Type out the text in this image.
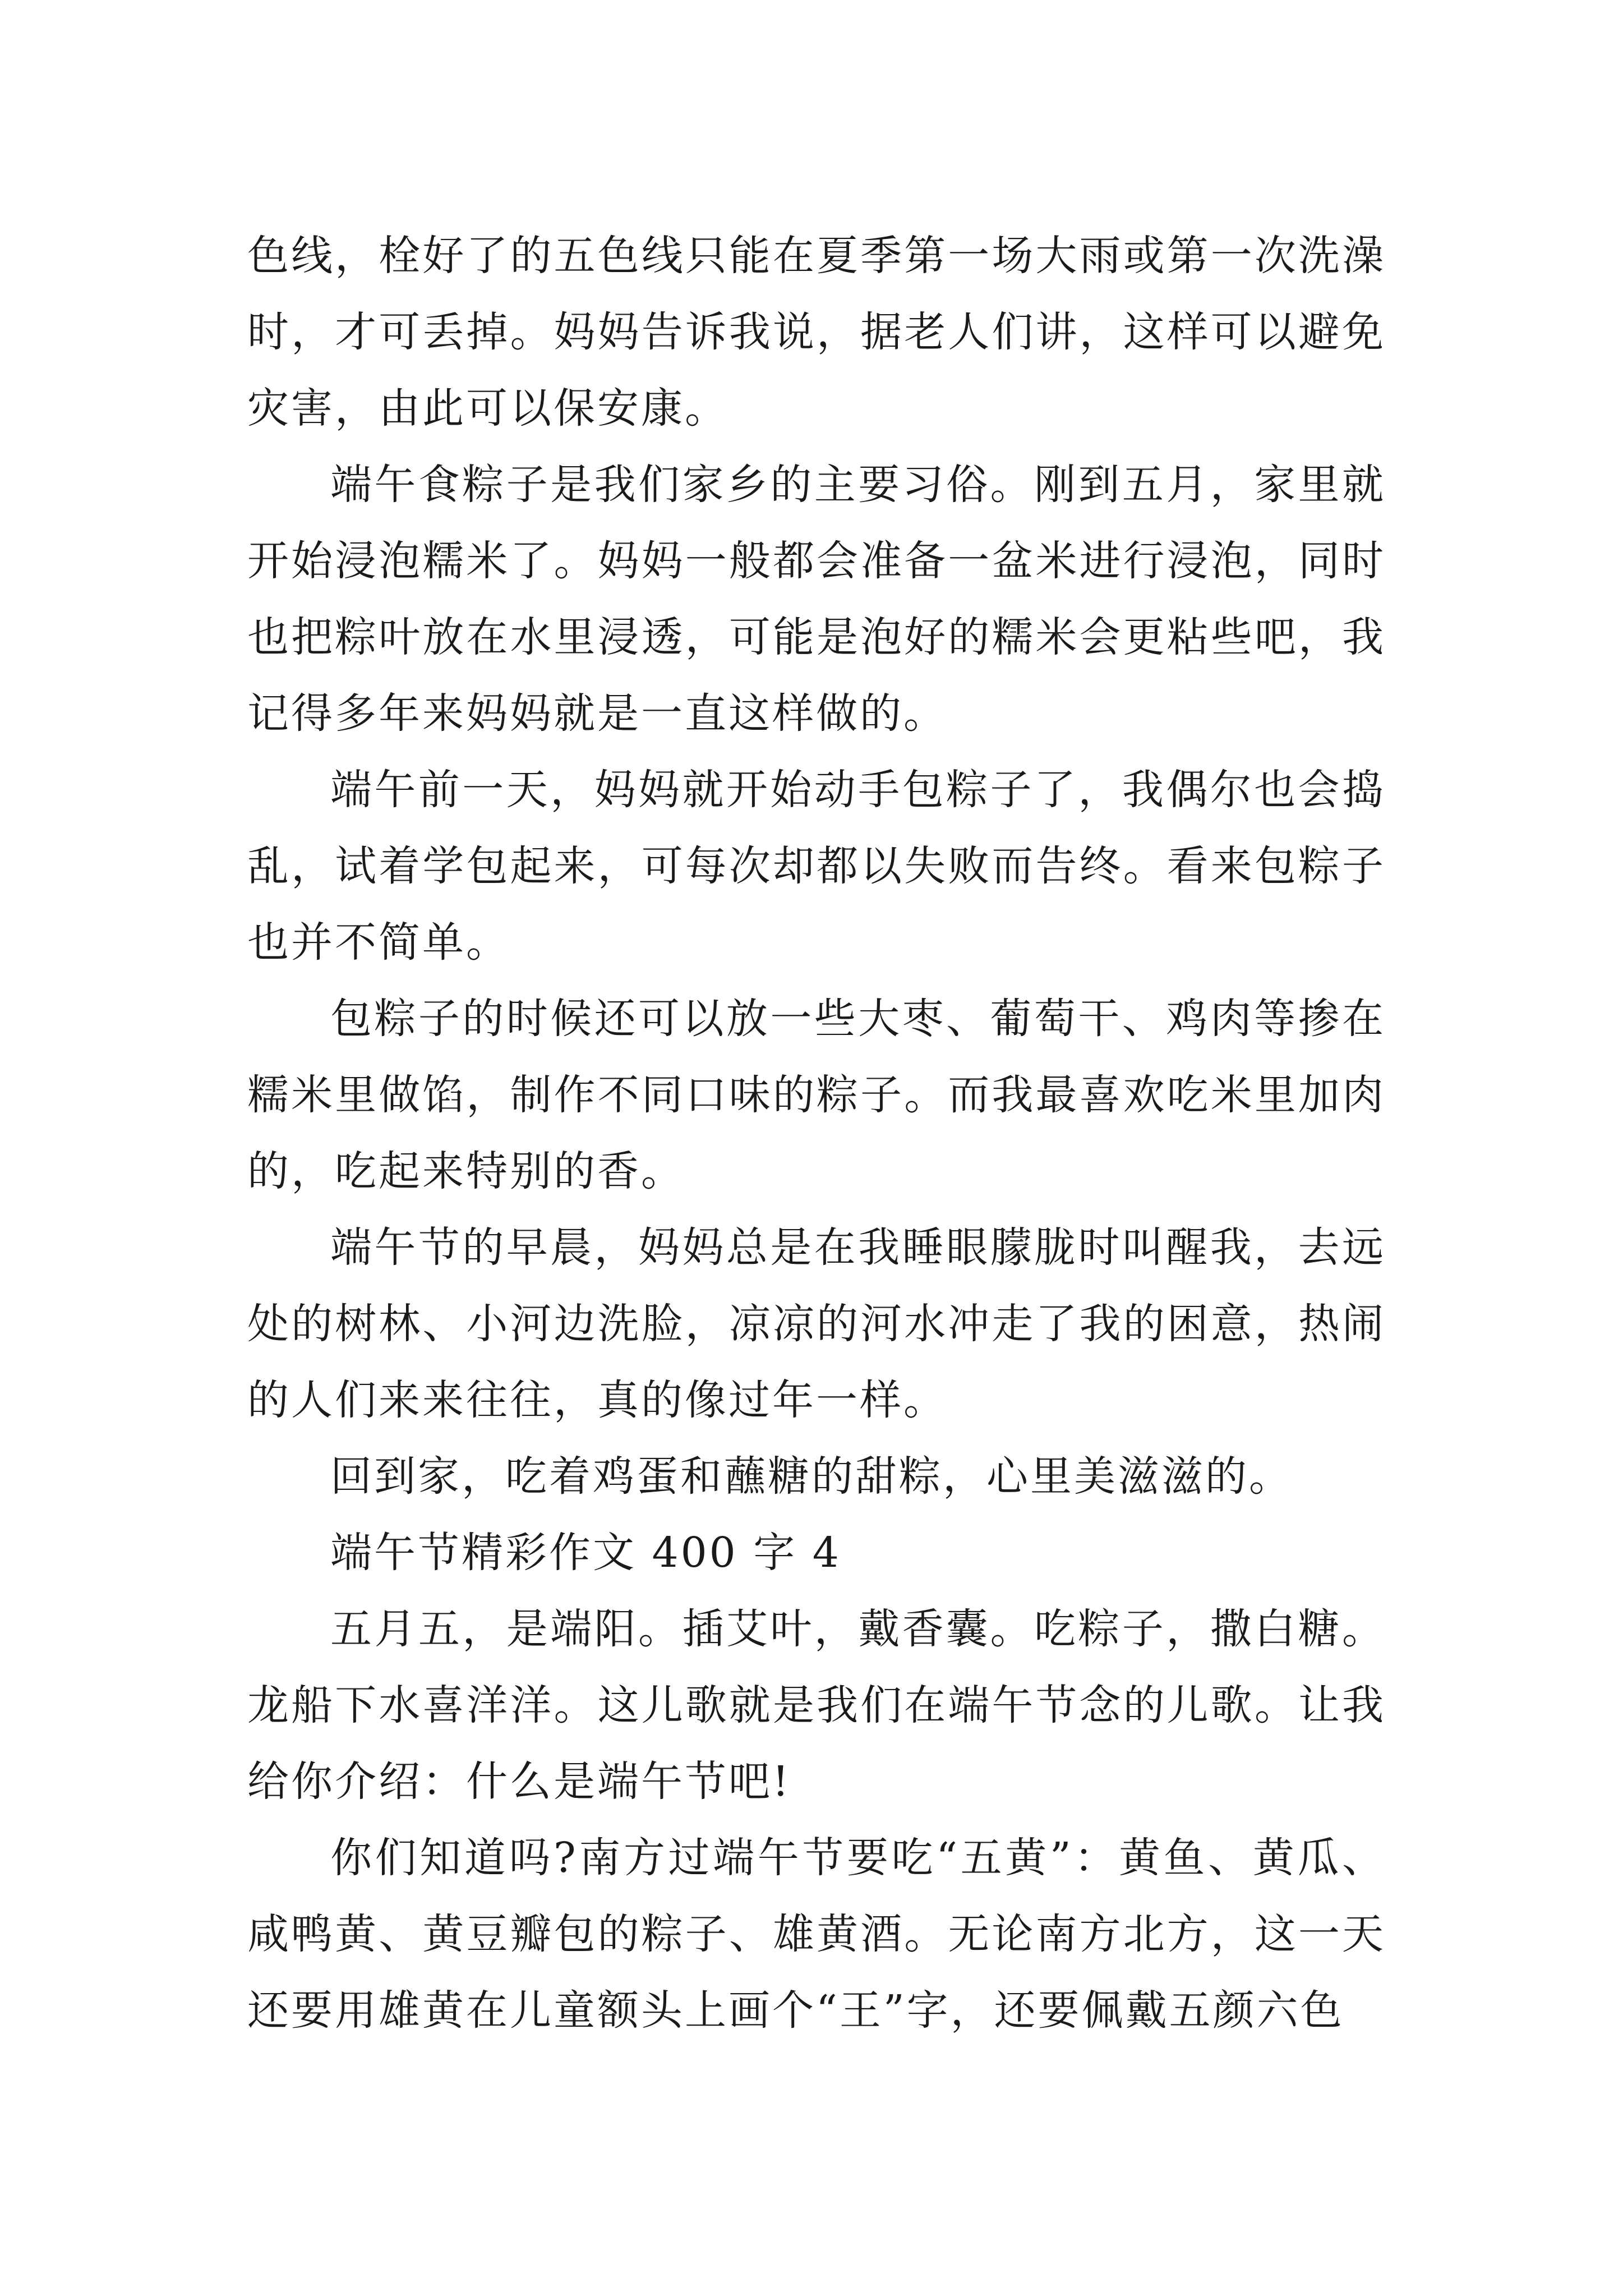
色线，栓好了的五色线只能在夏季第一场大雨或第一次洗澡时，才可丢掉。妈妈告诉我说，据老人们讲，这样可以避免灾害，由此可以保安康。

端午食粽子是我们家乡的主要习俗。刚到五月，家里就开始浸泡糯米了。妈妈一般都会准备一盆米进行浸泡，同时也把粽叶放在水里浸透，可能是泡好的糯米会更粘些吧，我记得多年来妈妈就是一直这样做的。

端午前一天，妈妈就开始动手包粽子了，我偶尔也会捣乱，试着学包起来，可每次却都以失败而告终。看来包粽子也并不简单。

包粽子的时候还可以放一些大枣、葡萄干、鸡肉等掺在糯米里做馅，制作不同口味的粽子。而我最喜欢吃米里加肉的，吃起来特别的香。

端午节的早晨，妈妈总是在我睡眼朦胧时叫醒我，去远处的树林、小河边洗脸，凉凉的河水冲走了我的困意，热闹的人们来来往往，真的像过年一样。

回到家，吃着鸡蛋和蘸糖的甜粽，心里美滋滋的。

端午节精彩作文 400 字 4

五月五，是端阳。插艾叶，戴香囊。吃粽子，撒白糖。龙船下水喜洋洋。这儿歌就是我们在端午节念的儿歌。让我给你介绍：什么是端午节吧!

你们知道吗?南方过端午节要吃“五黄”：黄鱼、黄瓜、咸鸭黄、黄豆瓣包的粽子、雄黄酒。无论南方北方，这一天还要用雄黄在儿童额头上画个“王”字，还要佩戴五颜六色
